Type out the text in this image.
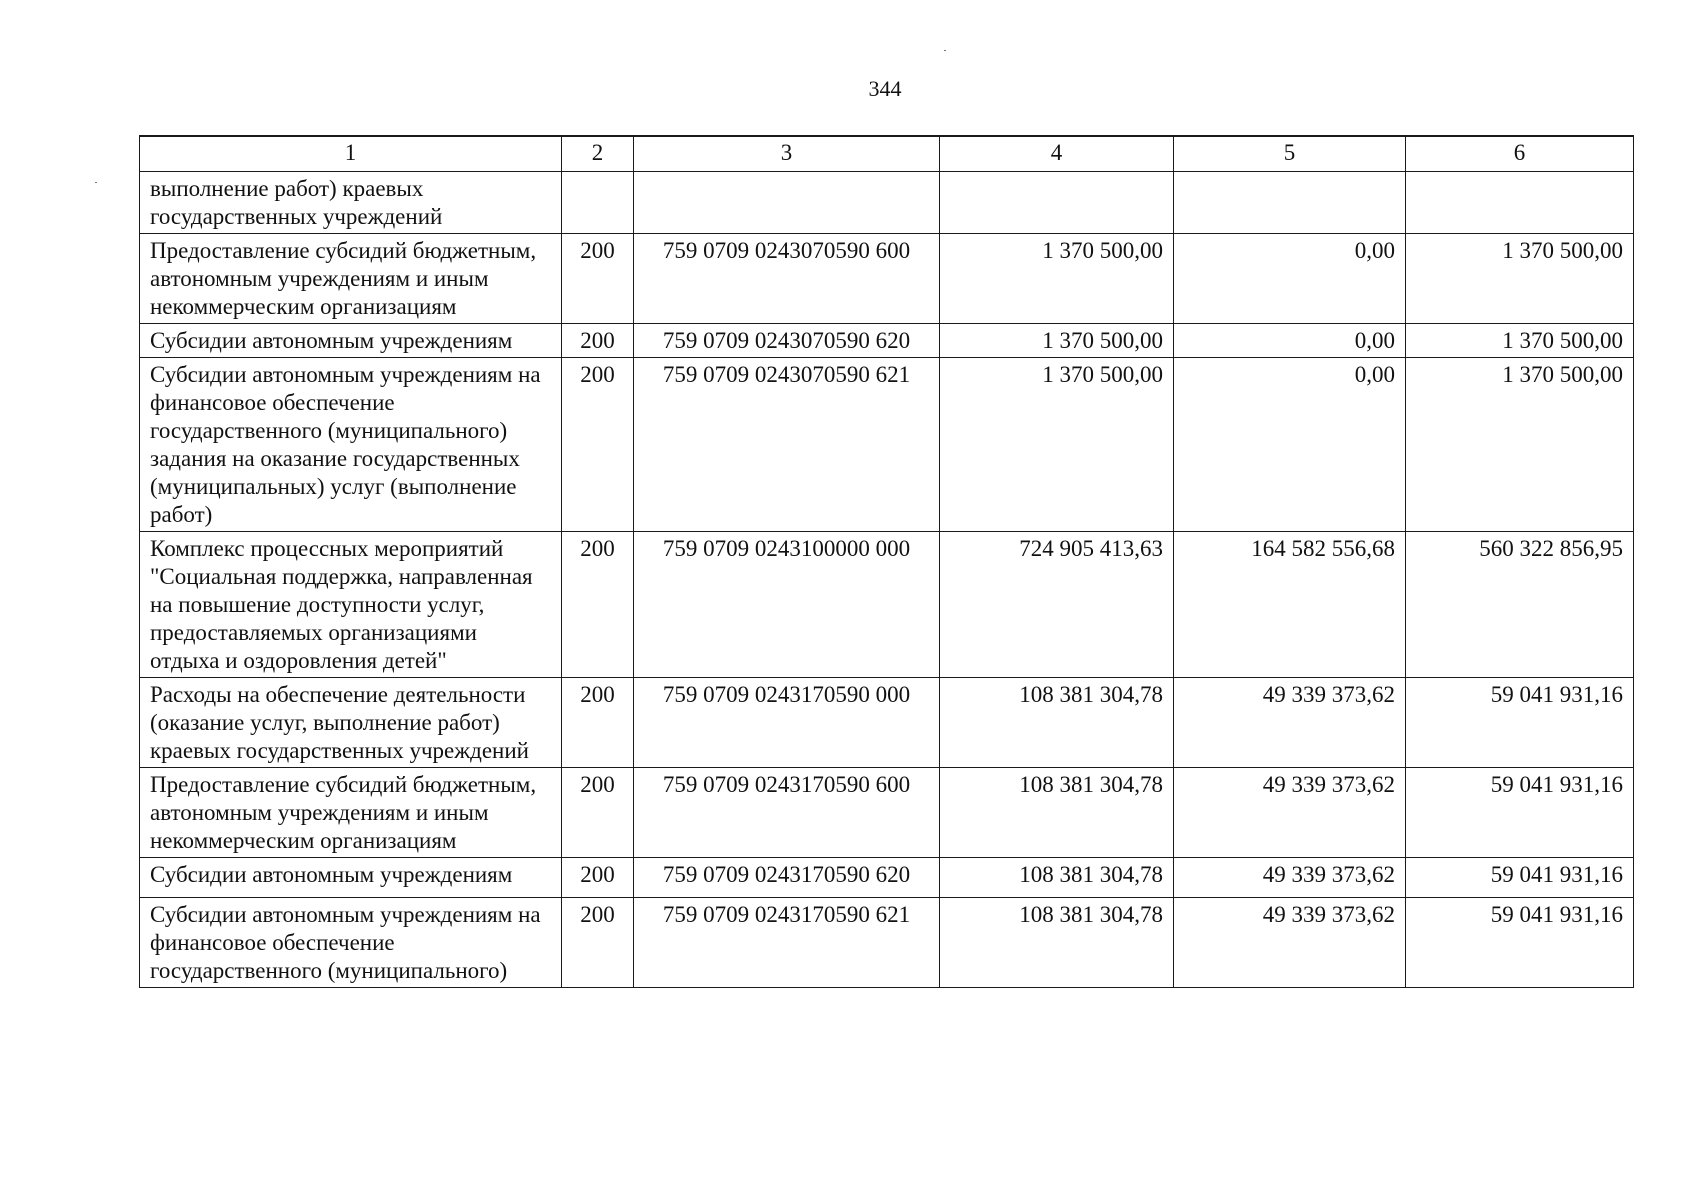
344
1	2	3	4	5	6
выполнение работ) краевых государственных учреждений					
Предоставление субсидий бюджетным, автономным учреждениям и иным некоммерческим организациям	200	759 0709 0243070590 600	1 370 500,00	0,00	1 370 500,00
Субсидии автономным учреждениям	200	759 0709 0243070590 620	1 370 500,00	0,00	1 370 500,00
Субсидии автономным учреждениям на финансовое обеспечение государственного (муниципального) задания на оказание государственных (муниципальных) услуг (выполнение работ)	200	759 0709 0243070590 621	1 370 500,00	0,00	1 370 500,00
Комплекс процессных мероприятий "Социальная поддержка, направленная на повышение доступности услуг, предоставляемых организациями отдыха и оздоровления детей"	200	759 0709 0243100000 000	724 905 413,63	164 582 556,68	560 322 856,95
Расходы на обеспечение деятельности (оказание услуг, выполнение работ) краевых государственных учреждений	200	759 0709 0243170590 000	108 381 304,78	49 339 373,62	59 041 931,16
Предоставление субсидий бюджетным, автономным учреждениям и иным некоммерческим организациям	200	759 0709 0243170590 600	108 381 304,78	49 339 373,62	59 041 931,16
Субсидии автономным учреждениям	200	759 0709 0243170590 620	108 381 304,78	49 339 373,62	59 041 931,16
Субсидии автономным учреждениям на финансовое обеспечение государственного (муниципального)	200	759 0709 0243170590 621	108 381 304,78	49 339 373,62	59 041 931,16
